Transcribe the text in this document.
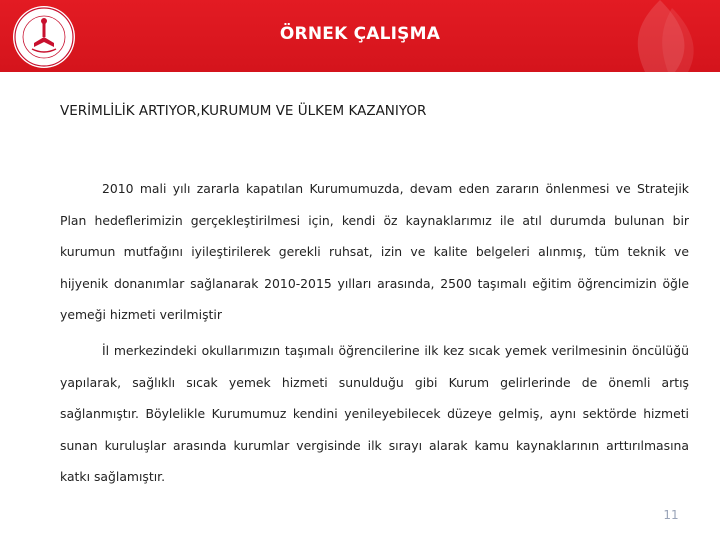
ÖRNEK ÇALIŞMA
VERİMLİLİK ARTIYOR,KURUMUM VE ÜLKEM KAZANIYOR
2010 mali yılı zararla kapatılan Kurumumuzda, devam eden zararın önlenmesi ve Stratejik Plan hedeflerimizin gerçekleştirilmesi için, kendi öz kaynaklarımız ile atıl durumda bulunan bir kurumun mutfağını iyileştirilerek gerekli ruhsat, izin ve kalite belgeleri alınmış, tüm teknik ve hijyenik donanımlar sağlanarak 2010-2015 yılları arasında, 2500 taşımalı eğitim öğrencimizin öğle yemeği hizmeti verilmiştir
İl merkezindeki okullarımızın taşımalı öğrencilerine ilk kez sıcak yemek verilmesinin öncülüğü yapılarak, sağlıklı sıcak yemek hizmeti sunulduğu gibi Kurum gelirlerinde de önemli artış sağlanmıştır. Böylelikle Kurumumuz kendini yenileyebilecek düzeye gelmiş, aynı sektörde hizmeti sunan kuruluşlar arasında kurumlar vergisinde ilk sırayı alarak kamu kaynaklarının arttırılmasına katkı sağlamıştır.
11
